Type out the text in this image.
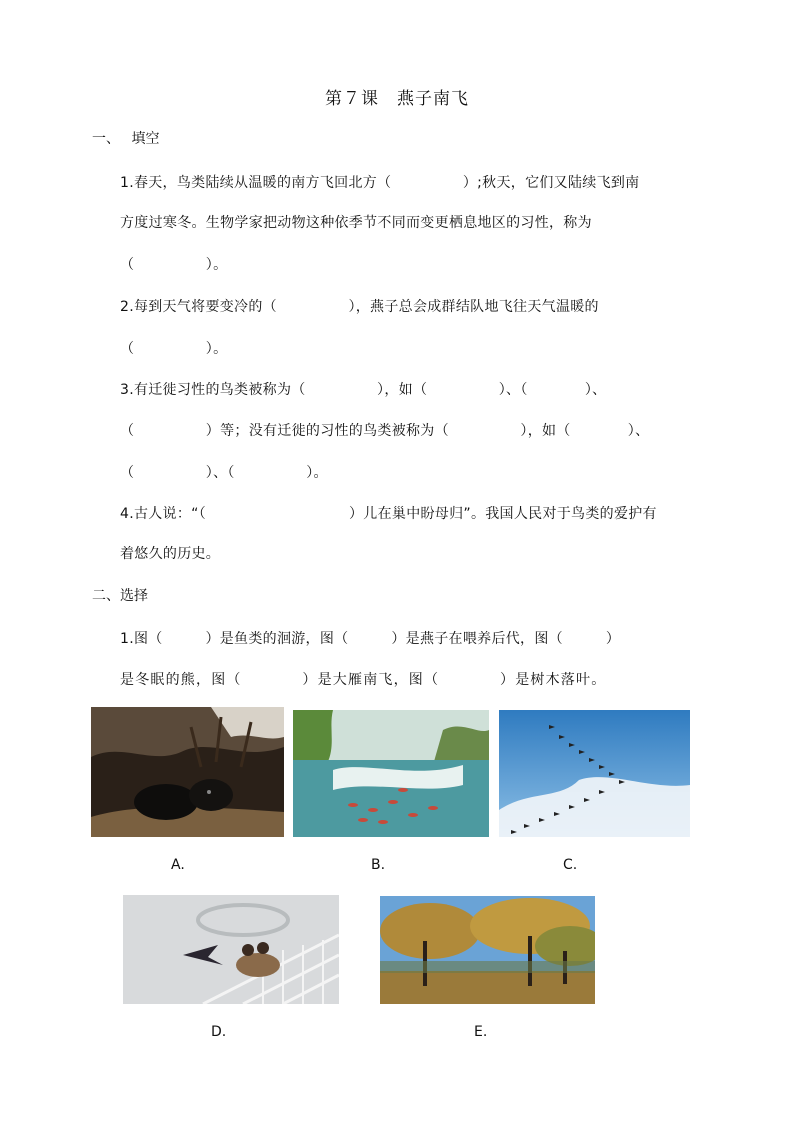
第７课　燕子南飞
一、　 填空
1.春天，鸟类陆续从温暖的南方飞回北方（　　　　　）;秋天，它们又陆续飞到南
方度过寒冬。生物学家把动物这种依季节不同而变更栖息地区的习性，称为
（　　　　　）。
2.每到天气将要变冷的（　　　　　），燕子总会成群结队地飞往天气温暖的
（　　　　　）。
3.有迁徙习性的鸟类被称为（　　　　　），如（　　　　　）、（　　　　）、
（　　　　　）等；没有迁徙的习性的鸟类被称为（　　　　　），如（　　　　）、
（　　　　　）、（　　　　　）。
4.古人说：“（　　　　　　　　　　）儿在巢中盼母归”。我国人民对于鸟类的爱护有
着悠久的历史。
二、选择
1.图（　　　）是鱼类的洄游，图（　　　）是燕子在喂养后代，图（　　　）
是冬眠的熊，图（　　　　）是大雁南飞，图（　　　　）是树木落叶。
A.	B.	C.
D.	E.
